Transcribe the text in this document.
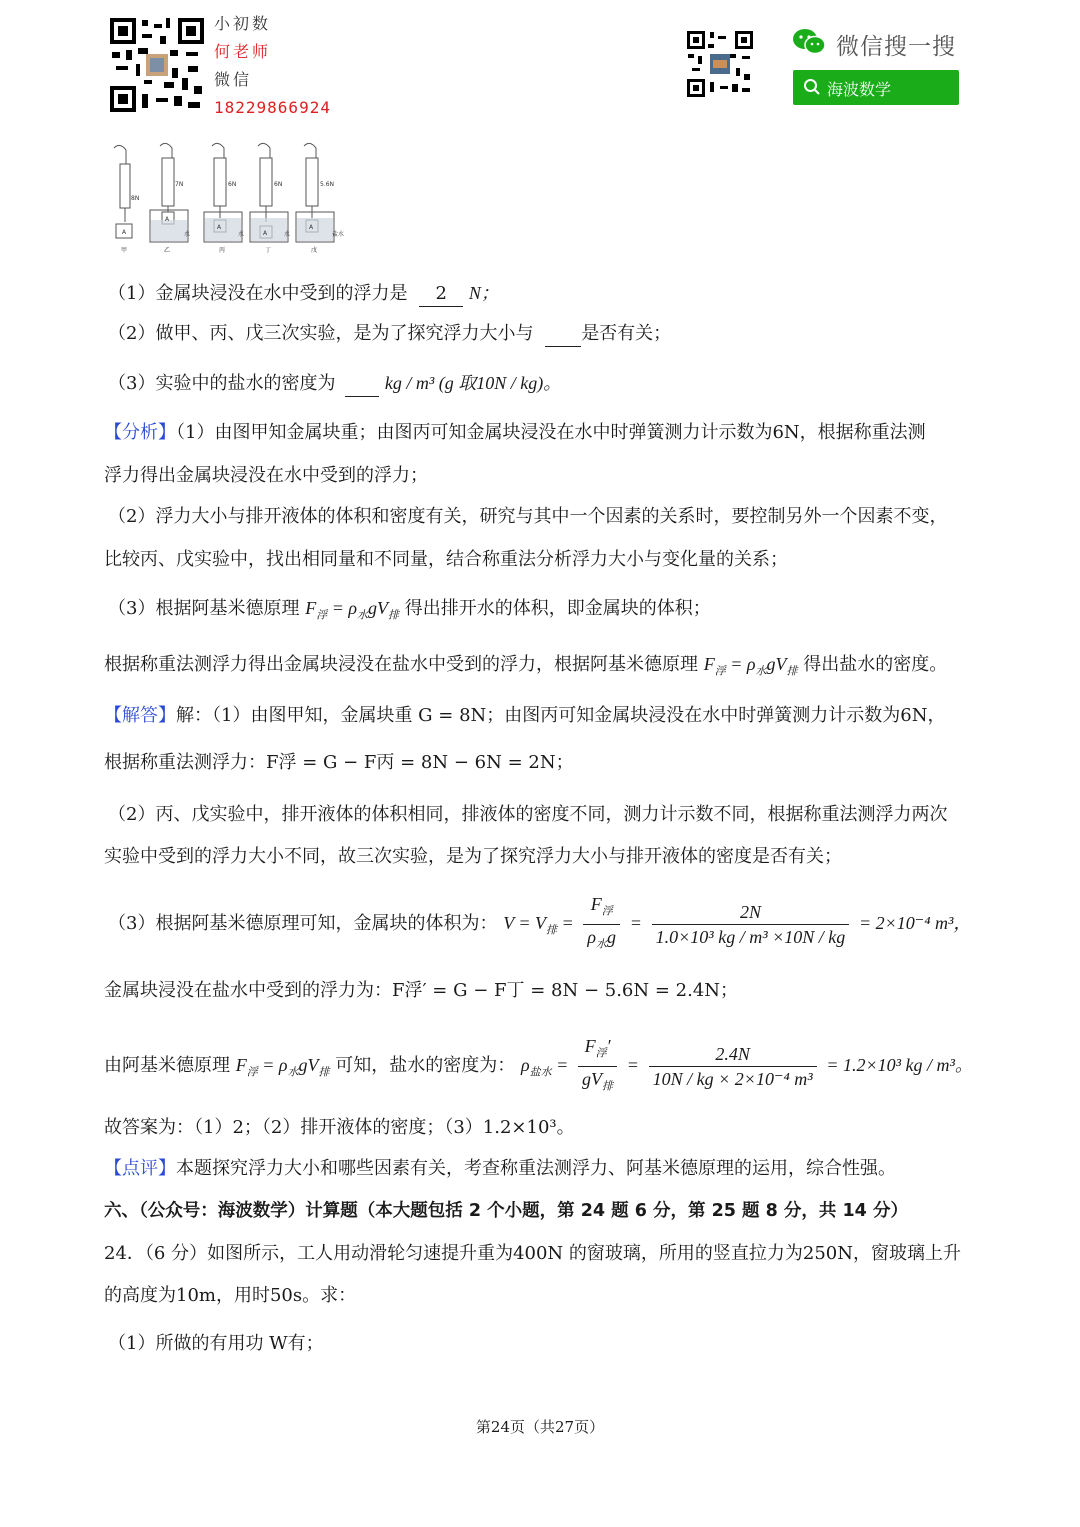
小初数
何老师
微信
18229866924
微信搜一搜
海波数学
8N
7N	6N	6N	5.6N
A
A
A
A
A
水	水	水	盐水
甲	乙	丙	丁	戊
（1）金属块浸没在水中受到的浮力是 2 N；
（2）做甲、丙、戊三次实验，是为了探究浮力大小与	是否有关；
（3）实验中的盐水的密度为	kg / m³ (g 取10N / kg)。
【分析】（1）由图甲知金属块重；由图丙可知金属块浸没在水中时弹簧测力计示数为6N，根据称重法测
浮力得出金属块浸没在水中受到的浮力；
（2）浮力大小与排开液体的体积和密度有关，研究与其中一个因素的关系时，要控制另外一个因素不变，
比较丙、戊实验中，找出相同量和不同量，结合称重法分析浮力大小与变化量的关系；
（3）根据阿基米德原理 $F_浮 = \rho_水gV_排$ 得出排开水的体积，即金属块的体积；
根据称重法测浮力得出金属块浸没在盐水中受到的浮力，根据阿基米德原理 $F_浮 = \rho_水gV_排$ 得出盐水的密度。
【解答】解：（1）由图甲知，金属块重 G = 8N；由图丙可知金属块浸没在水中时弹簧测力计示数为6N，
根据称重法测浮力：F浮 = G − F丙 = 8N − 6N = 2N；
（2）丙、戊实验中，排开液体的体积相同，排液体的密度不同，测力计示数不同，根据称重法测浮力两次
实验中受到的浮力大小不同，故三次实验，是为了探究浮力大小与排开液体的密度是否有关；
（3）根据阿基米德原理可知，金属块的体积为： $V = V_排 = \frac{F_浮}{\rho_水g} = \frac{2N}{\text{1.0×10³ kg / m³ ×10N / kg}} = 2\times 10^{-4}$ m³，
金属块浸没在盐水中受到的浮力为：F浮′ = G − F丁 = 8N − 5.6N = 2.4N；
由阿基米德原理 $F_浮 = \rho_水gV_排$ 可知，盐水的密度为： $\rho_{盐水} = \frac{F_浮'}{gV_排} = \frac{2.4N}{\text{10N / kg × 2×10⁻⁴ m³}} = 1.2\times 10^3$ kg / m³。
故答案为：（1）2；（2）排开液体的密度；（3）1.2×10³。
【点评】本题探究浮力大小和哪些因素有关，考查称重法测浮力、阿基米德原理的运用，综合性强。
六、（公众号：海波数学）计算题（本大题包括 2 个小题，第 24 题 6 分，第 25 题 8 分，共 14 分）
24．（6 分）如图所示，工人用动滑轮匀速提升重为400N 的窗玻璃，所用的竖直拉力为250N，窗玻璃上升
的高度为10m，用时50s。求：
（1）所做的有用功 W有；
第24页（共27页）
